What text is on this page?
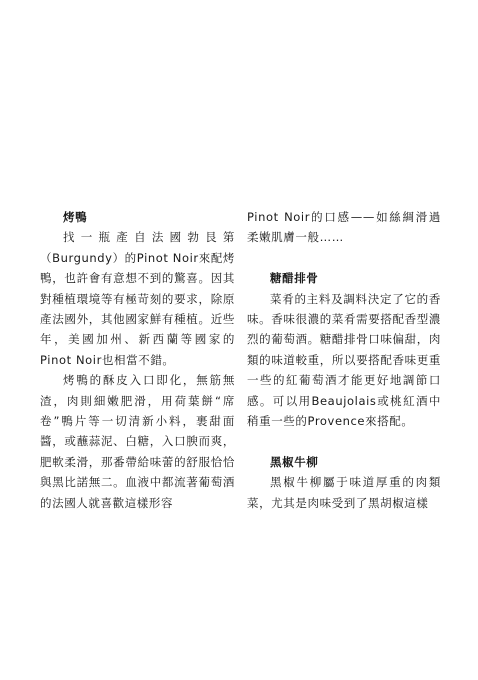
烤鴨

找一瓶產自法國勃艮第（Burgundy）的Pinot Noir來配烤鴨，也許會有意想不到的驚喜。因其對種植環境等有極苛刻的要求，除原產法國外，其他國家鮮有種植。近些年，美國加州、新西蘭等國家的Pinot Noir也相當不錯。

烤鴨的酥皮入口即化，無筋無渣，肉則細嫩肥滑，用荷葉餅“席卷”鴨片等一切清新小料，裹甜面醬，或蘸蒜泥、白糖，入口腴而爽，肥軟柔滑，那番帶給味蕾的舒服恰恰與黑比諾無二。血液中都流著葡萄酒的法國人就喜歡這樣形容

Pinot Noir的口感——如絲綢滑過柔嫩肌膚一般……

糖醋排骨

菜肴的主料及調料決定了它的香味。香味很濃的菜肴需要搭配香型濃烈的葡萄酒。糖醋排骨口味偏甜，肉類的味道較重，所以要搭配香味更重一些的紅葡萄酒才能更好地調節口感。可以用Beaujolais或桃紅酒中稍重一些的Provence來搭配。

黑椒牛柳

黑椒牛柳屬于味道厚重的肉類菜，尤其是肉味受到了黑胡椒這樣
